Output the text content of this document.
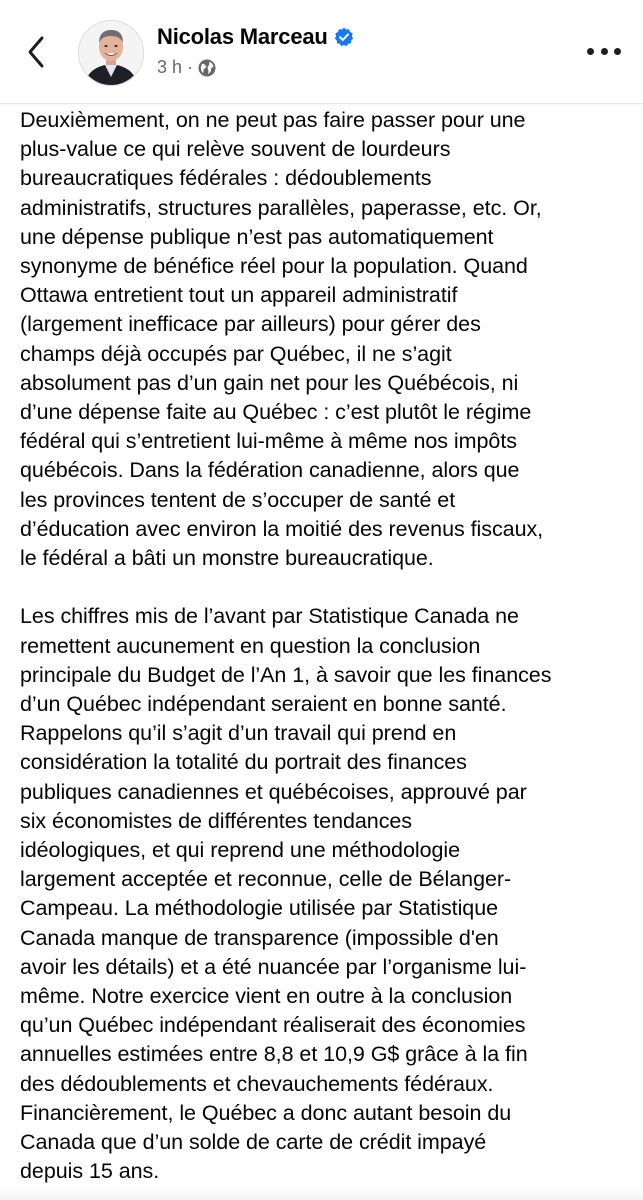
Nicolas Marceau
3 h ·

Deuxièmement, on ne peut pas faire passer pour une
plus-value ce qui relève souvent de lourdeurs
bureaucratiques fédérales : dédoublements
administratifs, structures parallèles, paperasse, etc. Or,
une dépense publique n’est pas automatiquement
synonyme de bénéfice réel pour la population. Quand
Ottawa entretient tout un appareil administratif
(largement inefficace par ailleurs) pour gérer des
champs déjà occupés par Québec, il ne s’agit
absolument pas d’un gain net pour les Québécois, ni
d’une dépense faite au Québec : c’est plutôt le régime
fédéral qui s’entretient lui-même à même nos impôts
québécois. Dans la fédération canadienne, alors que
les provinces tentent de s’occuper de santé et
d’éducation avec environ la moitié des revenus fiscaux,
le fédéral a bâti un monstre bureaucratique.

Les chiffres mis de l’avant par Statistique Canada ne
remettent aucunement en question la conclusion
principale du Budget de l’An 1, à savoir que les finances
d’un Québec indépendant seraient en bonne santé.
Rappelons qu’il s’agit d’un travail qui prend en
considération la totalité du portrait des finances
publiques canadiennes et québécoises, approuvé par
six économistes de différentes tendances
idéologiques, et qui reprend une méthodologie
largement acceptée et reconnue, celle de Bélanger-
Campeau. La méthodologie utilisée par Statistique
Canada manque de transparence (impossible d'en
avoir les détails) et a été nuancée par l’organisme lui-
même. Notre exercice vient en outre à la conclusion
qu’un Québec indépendant réaliserait des économies
annuelles estimées entre 8,8 et 10,9 G$ grâce à la fin
des dédoublements et chevauchements fédéraux.
Financièrement, le Québec a donc autant besoin du
Canada que d’un solde de carte de crédit impayé
depuis 15 ans.
